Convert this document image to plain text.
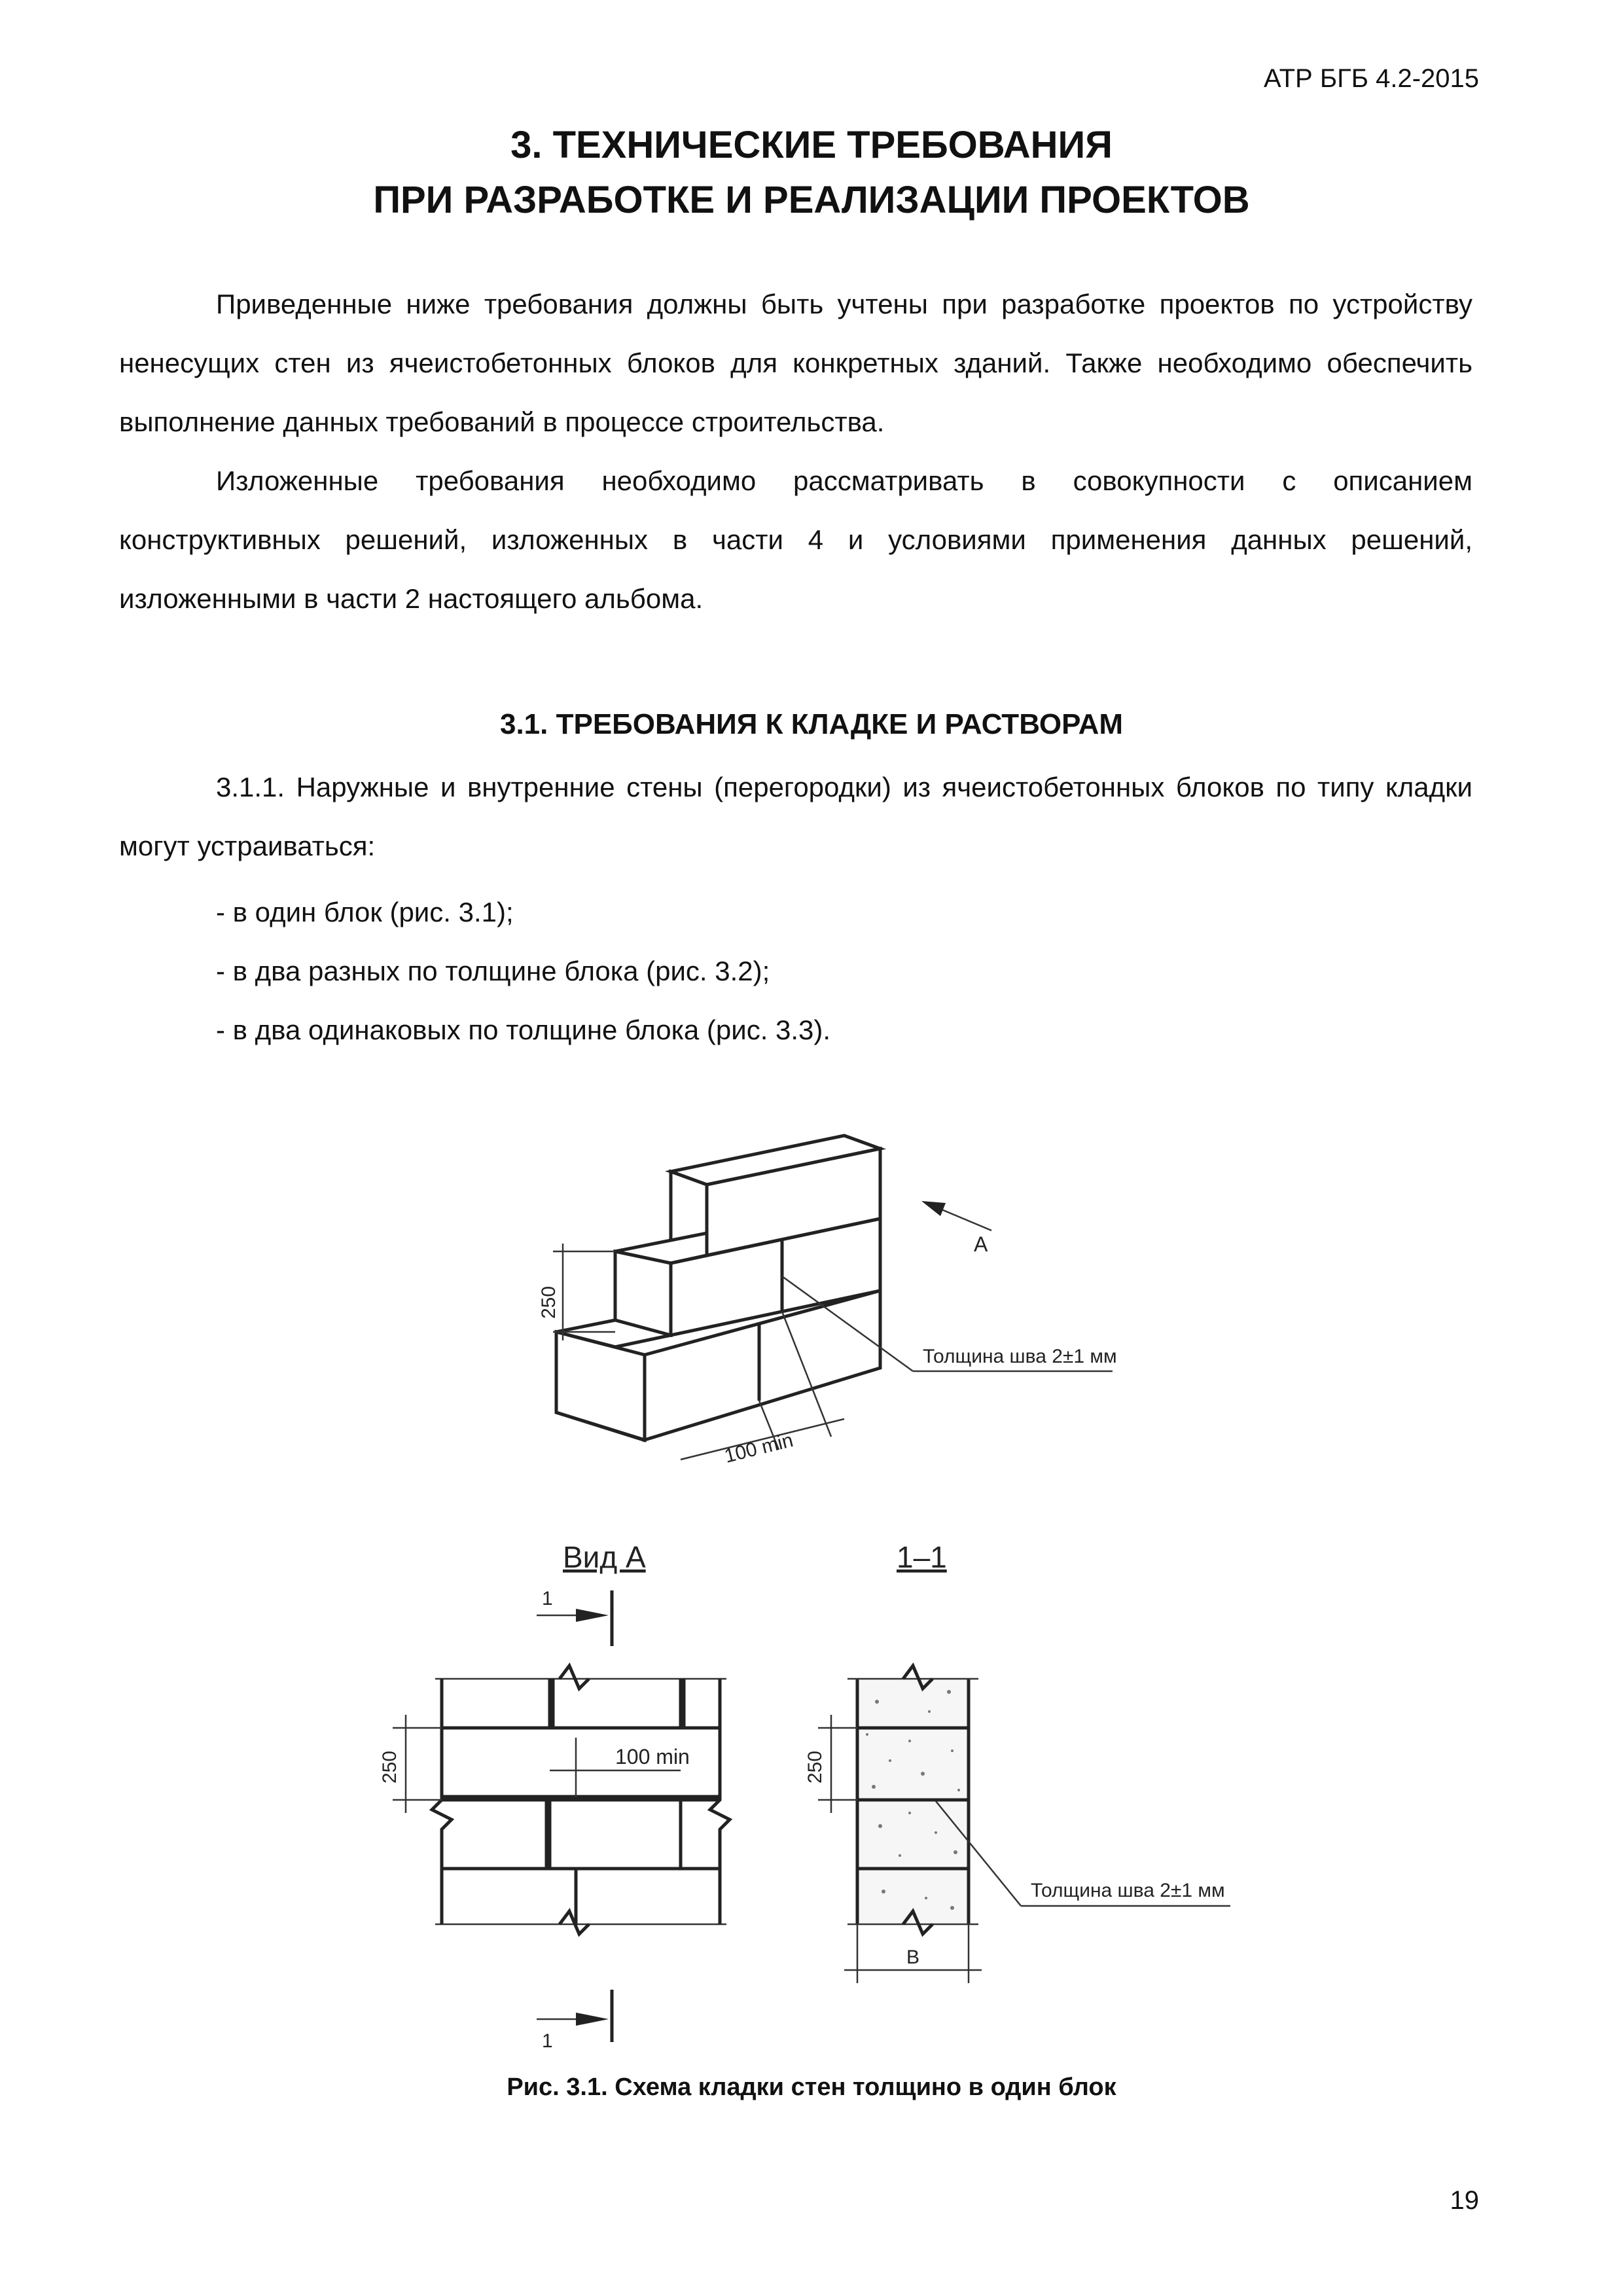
АТР БГБ 4.2-2015
3. ТЕХНИЧЕСКИЕ ТРЕБОВАНИЯ
ПРИ РАЗРАБОТКЕ И РЕАЛИЗАЦИИ ПРОЕКТОВ

Приведенные ниже требования должны быть учтены при разработке проектов по устройству ненесущих стен из ячеистобетонных блоков для конкретных зданий. Также необходимо обеспечить выполнение данных требований в процессе строительства.

Изложенные требования необходимо рассматривать в совокупности с описанием конструктивных решений, изложенных в части 4 и условиями применения данных решений, изложенными в части 2 настоящего альбома.

3.1. ТРЕБОВАНИЯ К КЛАДКЕ И РАСТВОРАМ

3.1.1. Наружные и внутренние стены (перегородки) из ячеистобетонных блоков по типу кладки могут устраиваться:

- в один блок (рис. 3.1);
- в два разных по толщине блока (рис. 3.2);
- в два одинаковых по толщине блока (рис. 3.3).
250
100 min
Толщина шва 2±1 мм
А
Вид А
1
1
250	100 min
1–1
250
B
Толщина шва 2±1 мм
Рис. 3.1. Схема кладки стен толщино в один блок
19
